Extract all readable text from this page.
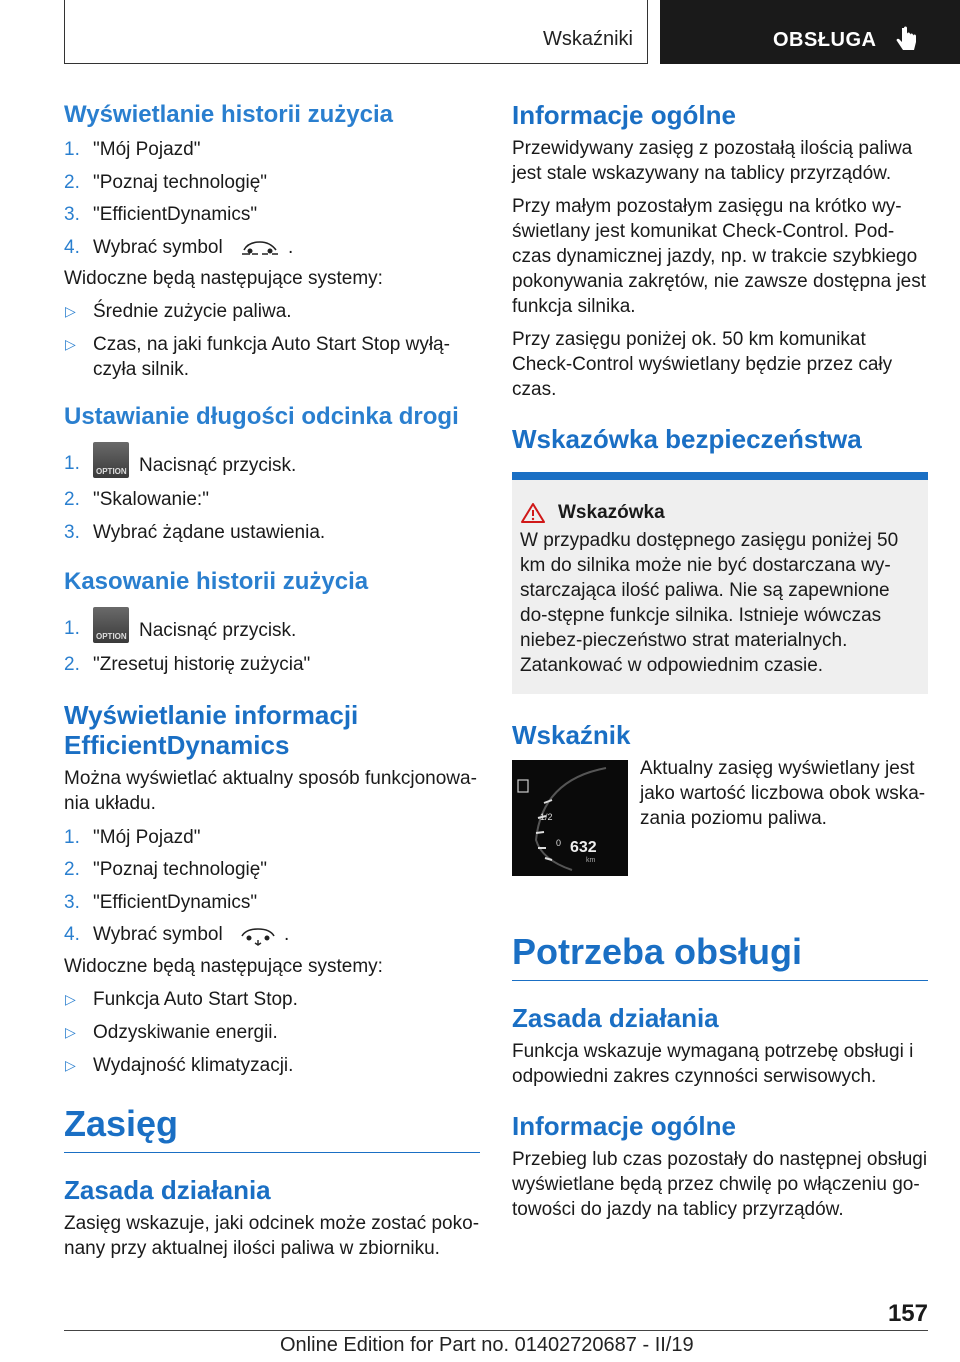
Wskaźniki	OBSŁUGA
Wyświetlanie historii zużycia
1. "Mój Pojazd"
2. "Poznaj technologię"
3. "EfficientDynamics"
4. Wybrać symbol	.

Widoczne będą następujące systemy:

▷ Średnie zużycie paliwa.
▷ Czas, na jaki funkcja Auto Start Stop wyłą-czyła silnik.
Ustawianie długości odcinka drogi
1. OPTION	Nacisnąć przycisk.
2. "Skalowanie:"
3. Wybrać żądane ustawienia.
Kasowanie historii zużycia
1. OPTION	Nacisnąć przycisk.
2. "Zresetuj historię zużycia"
Wyświetlanie informacji EfficientDynamics

Można wyświetlać aktualny sposób funkcjonowa-nia układu.

1. "Mój Pojazd"
2. "Poznaj technologię"
3. "EfficientDynamics"
4. Wybrać symbol	.

Widoczne będą następujące systemy:

▷ Funkcja Auto Start Stop.
▷ Odzyskiwanie energii.
▷ Wydajność klimatyzacji.
Zasięg
Zasada działania

Zasięg wskazuje, jaki odcinek może zostać poko-nany przy aktualnej ilości paliwa w zbiorniku.

Informacje ogólne

Przewidywany zasięg z pozostałą ilością paliwa jest stale wskazywany na tablicy przyrządów.

Przy małym pozostałym zasięgu na krótko wy-świetlany jest komunikat Check-Control. Pod-czas dynamicznej jazdy, np. w trakcie szybkiego pokonywania zakrętów, nie zawsze dostępna jest funkcja silnika.

Przy zasięgu poniżej ok. 50 km komunikat Check-Control wyświetlany będzie przez cały czas.

Wskazówka bezpieczeństwa
Wskazówka

W przypadku dostępnego zasięgu poniżej 50 km do silnika może nie być dostarczana wy-starczająca ilość paliwa. Nie są zapewnione do-stępne funkcje silnika. Istnieje wówczas niebez-pieczeństwo strat materialnych. Zatankować w odpowiednim czasie.

Wskaźnik
1/2
0 632
km

Aktualny zasięg wyświetlany jest jako wartość liczbowa obok wska-zania poziomu paliwa.

Potrzeba obsługi
Zasada działania

Funkcja wskazuje wymaganą potrzebę obsługi i odpowiedni zakres czynności serwisowych.

Informacje ogólne

Przebieg lub czas pozostały do następnej obsługi wyświetlane będą przez chwilę po włączeniu go-towości do jazdy na tablicy przyrządów.

157
Online Edition for Part no. 01402720687 - II/19
